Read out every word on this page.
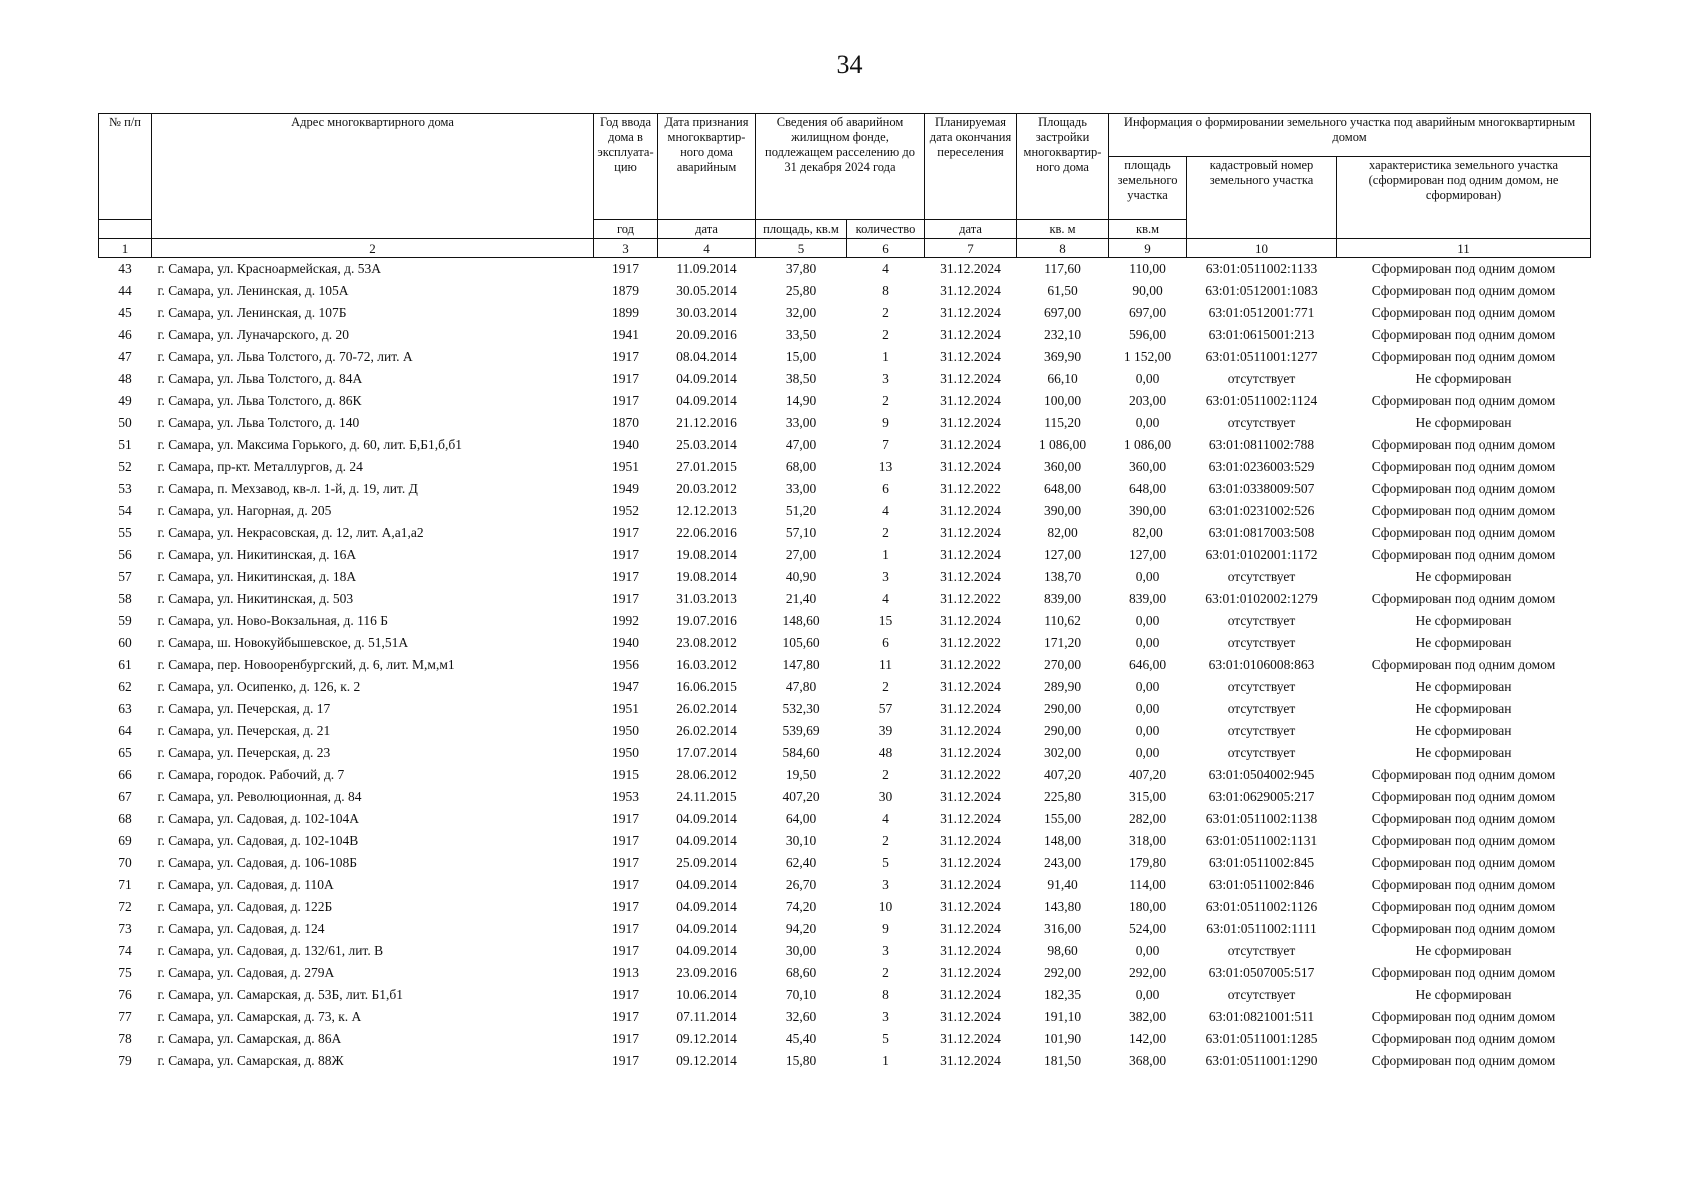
34
№ п/п	Адрес многоквартирного дома	Год ввода дома в эксплуата-цию	Дата признания многоквартир-ного дома аварийным	Сведения об аварийном жилищном фонде, подлежащем расселению до 31 декабря 2024 года		Планируемая дата окончания переселения	Площадь застройки многоквартир-ного дома	Информация о формировании земельного участка под аварийным многоквартирным домом		
								площадь земельного участка	кадастровый номер земельного участка	характеристика земельного участка (сформирован под одним домом, не сформирован)
		год	дата	площадь, кв.м	количество	дата	кв. м	кв.м		
1	2	3	4	5	6	7	8	9	10	11
43	г. Самара, ул. Красноармейская, д. 53А	1917	11.09.2014	37,80	4	31.12.2024	117,60	110,00	63:01:0511002:1133	Сформирован под одним домом
44	г. Самара, ул. Ленинская, д. 105А	1879	30.05.2014	25,80	8	31.12.2024	61,50	90,00	63:01:0512001:1083	Сформирован под одним домом
45	г. Самара, ул. Ленинская, д. 107Б	1899	30.03.2014	32,00	2	31.12.2024	697,00	697,00	63:01:0512001:771	Сформирован под одним домом
46	г. Самара, ул. Луначарского, д. 20	1941	20.09.2016	33,50	2	31.12.2024	232,10	596,00	63:01:0615001:213	Сформирован под одним домом
47	г. Самара, ул. Льва Толстого, д. 70-72, лит. А	1917	08.04.2014	15,00	1	31.12.2024	369,90	1 152,00	63:01:0511001:1277	Сформирован под одним домом
48	г. Самара, ул. Льва Толстого, д. 84А	1917	04.09.2014	38,50	3	31.12.2024	66,10	0,00	отсутствует	Не сформирован
49	г. Самара, ул. Льва Толстого, д. 86К	1917	04.09.2014	14,90	2	31.12.2024	100,00	203,00	63:01:0511002:1124	Сформирован под одним домом
50	г. Самара, ул. Льва Толстого, д. 140	1870	21.12.2016	33,00	9	31.12.2024	115,20	0,00	отсутствует	Не сформирован
51	г. Самара, ул. Максима Горького, д. 60, лит. Б,Б1,б,б1	1940	25.03.2014	47,00	7	31.12.2024	1 086,00	1 086,00	63:01:0811002:788	Сформирован под одним домом
52	г. Самара, пр-кт. Металлургов, д. 24	1951	27.01.2015	68,00	13	31.12.2024	360,00	360,00	63:01:0236003:529	Сформирован под одним домом
53	г. Самара, п. Мехзавод, кв-л. 1-й, д. 19, лит. Д	1949	20.03.2012	33,00	6	31.12.2022	648,00	648,00	63:01:0338009:507	Сформирован под одним домом
54	г. Самара, ул. Нагорная, д. 205	1952	12.12.2013	51,20	4	31.12.2024	390,00	390,00	63:01:0231002:526	Сформирован под одним домом
55	г. Самара, ул. Некрасовская, д. 12, лит. А,а1,а2	1917	22.06.2016	57,10	2	31.12.2024	82,00	82,00	63:01:0817003:508	Сформирован под одним домом
56	г. Самара, ул. Никитинская, д. 16А	1917	19.08.2014	27,00	1	31.12.2024	127,00	127,00	63:01:0102001:1172	Сформирован под одним домом
57	г. Самара, ул. Никитинская, д. 18А	1917	19.08.2014	40,90	3	31.12.2024	138,70	0,00	отсутствует	Не сформирован
58	г. Самара, ул. Никитинская, д. 503	1917	31.03.2013	21,40	4	31.12.2022	839,00	839,00	63:01:0102002:1279	Сформирован под одним домом
59	г. Самара, ул. Ново-Вокзальная, д. 116 Б	1992	19.07.2016	148,60	15	31.12.2024	110,62	0,00	отсутствует	Не сформирован
60	г. Самара, ш. Новокуйбышевское, д. 51,51А	1940	23.08.2012	105,60	6	31.12.2022	171,20	0,00	отсутствует	Не сформирован
61	г. Самара, пер. Новооренбургский, д. 6, лит. М,м,м1	1956	16.03.2012	147,80	11	31.12.2022	270,00	646,00	63:01:0106008:863	Сформирован под одним домом
62	г. Самара, ул. Осипенко, д. 126, к. 2	1947	16.06.2015	47,80	2	31.12.2024	289,90	0,00	отсутствует	Не сформирован
63	г. Самара, ул. Печерская, д. 17	1951	26.02.2014	532,30	57	31.12.2024	290,00	0,00	отсутствует	Не сформирован
64	г. Самара, ул. Печерская, д. 21	1950	26.02.2014	539,69	39	31.12.2024	290,00	0,00	отсутствует	Не сформирован
65	г. Самара, ул. Печерская, д. 23	1950	17.07.2014	584,60	48	31.12.2024	302,00	0,00	отсутствует	Не сформирован
66	г. Самара, городок. Рабочий, д. 7	1915	28.06.2012	19,50	2	31.12.2022	407,20	407,20	63:01:0504002:945	Сформирован под одним домом
67	г. Самара, ул. Революционная, д. 84	1953	24.11.2015	407,20	30	31.12.2024	225,80	315,00	63:01:0629005:217	Сформирован под одним домом
68	г. Самара, ул. Садовая, д. 102-104А	1917	04.09.2014	64,00	4	31.12.2024	155,00	282,00	63:01:0511002:1138	Сформирован под одним домом
69	г. Самара, ул. Садовая, д. 102-104В	1917	04.09.2014	30,10	2	31.12.2024	148,00	318,00	63:01:0511002:1131	Сформирован под одним домом
70	г. Самара, ул. Садовая, д. 106-108Б	1917	25.09.2014	62,40	5	31.12.2024	243,00	179,80	63:01:0511002:845	Сформирован под одним домом
71	г. Самара, ул. Садовая, д. 110А	1917	04.09.2014	26,70	3	31.12.2024	91,40	114,00	63:01:0511002:846	Сформирован под одним домом
72	г. Самара, ул. Садовая, д. 122Б	1917	04.09.2014	74,20	10	31.12.2024	143,80	180,00	63:01:0511002:1126	Сформирован под одним домом
73	г. Самара, ул. Садовая, д. 124	1917	04.09.2014	94,20	9	31.12.2024	316,00	524,00	63:01:0511002:1111	Сформирован под одним домом
74	г. Самара, ул. Садовая, д. 132/61, лит. В	1917	04.09.2014	30,00	3	31.12.2024	98,60	0,00	отсутствует	Не сформирован
75	г. Самара, ул. Садовая, д. 279А	1913	23.09.2016	68,60	2	31.12.2024	292,00	292,00	63:01:0507005:517	Сформирован под одним домом
76	г. Самара, ул. Самарская, д. 53Б, лит. Б1,б1	1917	10.06.2014	70,10	8	31.12.2024	182,35	0,00	отсутствует	Не сформирован
77	г. Самара, ул. Самарская, д. 73, к. А	1917	07.11.2014	32,60	3	31.12.2024	191,10	382,00	63:01:0821001:511	Сформирован под одним домом
78	г. Самара, ул. Самарская, д. 86А	1917	09.12.2014	45,40	5	31.12.2024	101,90	142,00	63:01:0511001:1285	Сформирован под одним домом
79	г. Самара, ул. Самарская, д. 88Ж	1917	09.12.2014	15,80	1	31.12.2024	181,50	368,00	63:01:0511001:1290	Сформирован под одним домом
